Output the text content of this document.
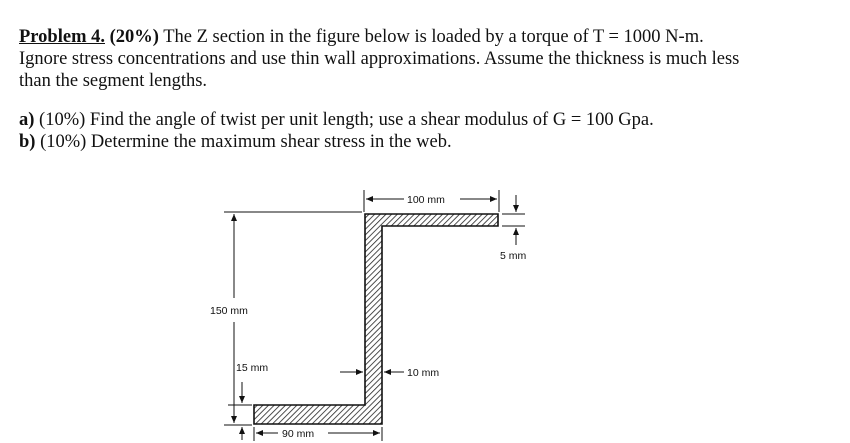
Problem 4. (20%) The Z section in the figure below is loaded by a torque of T = 1000 N-m.
Ignore stress concentrations and use thin wall approximations. Assume the thickness is much less
than the segment lengths.

a) (10%) Find the angle of twist per unit length; use a shear modulus of G = 100 Gpa.

b) (10%) Determine the maximum shear stress in the web.

100 mm
5 mm
150 mm
15 mm	10 mm
90 mm
